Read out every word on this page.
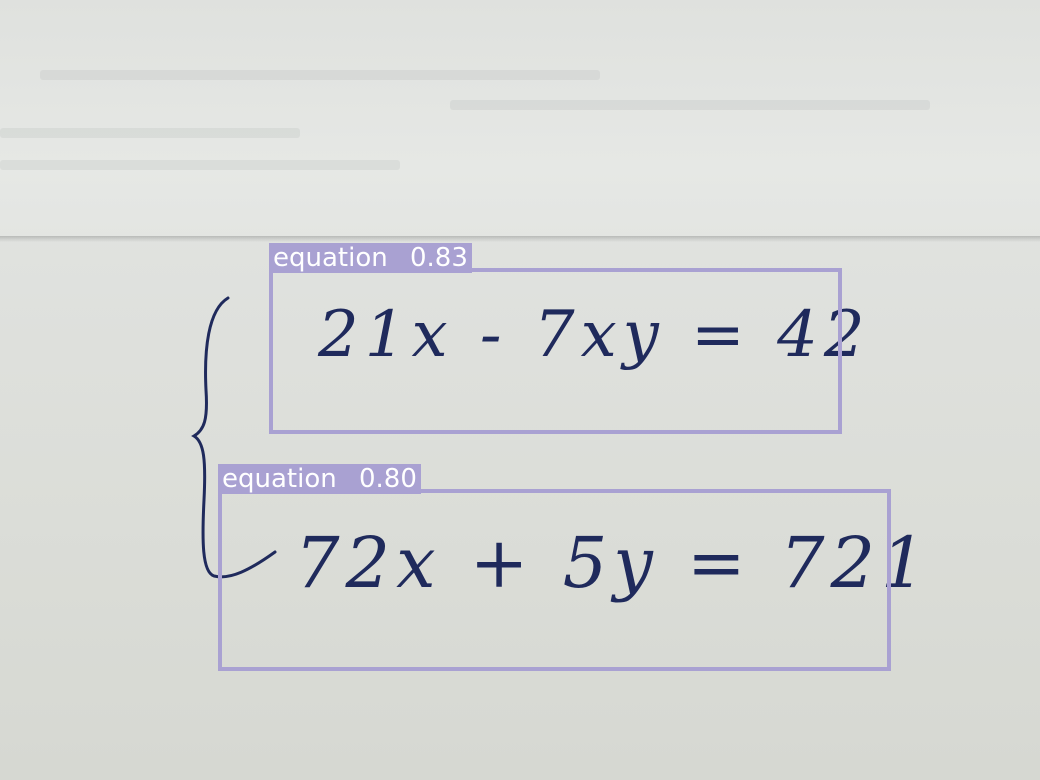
21x - 7xy = 42
72x + 5y = 721
equation 0.83
equation 0.80
